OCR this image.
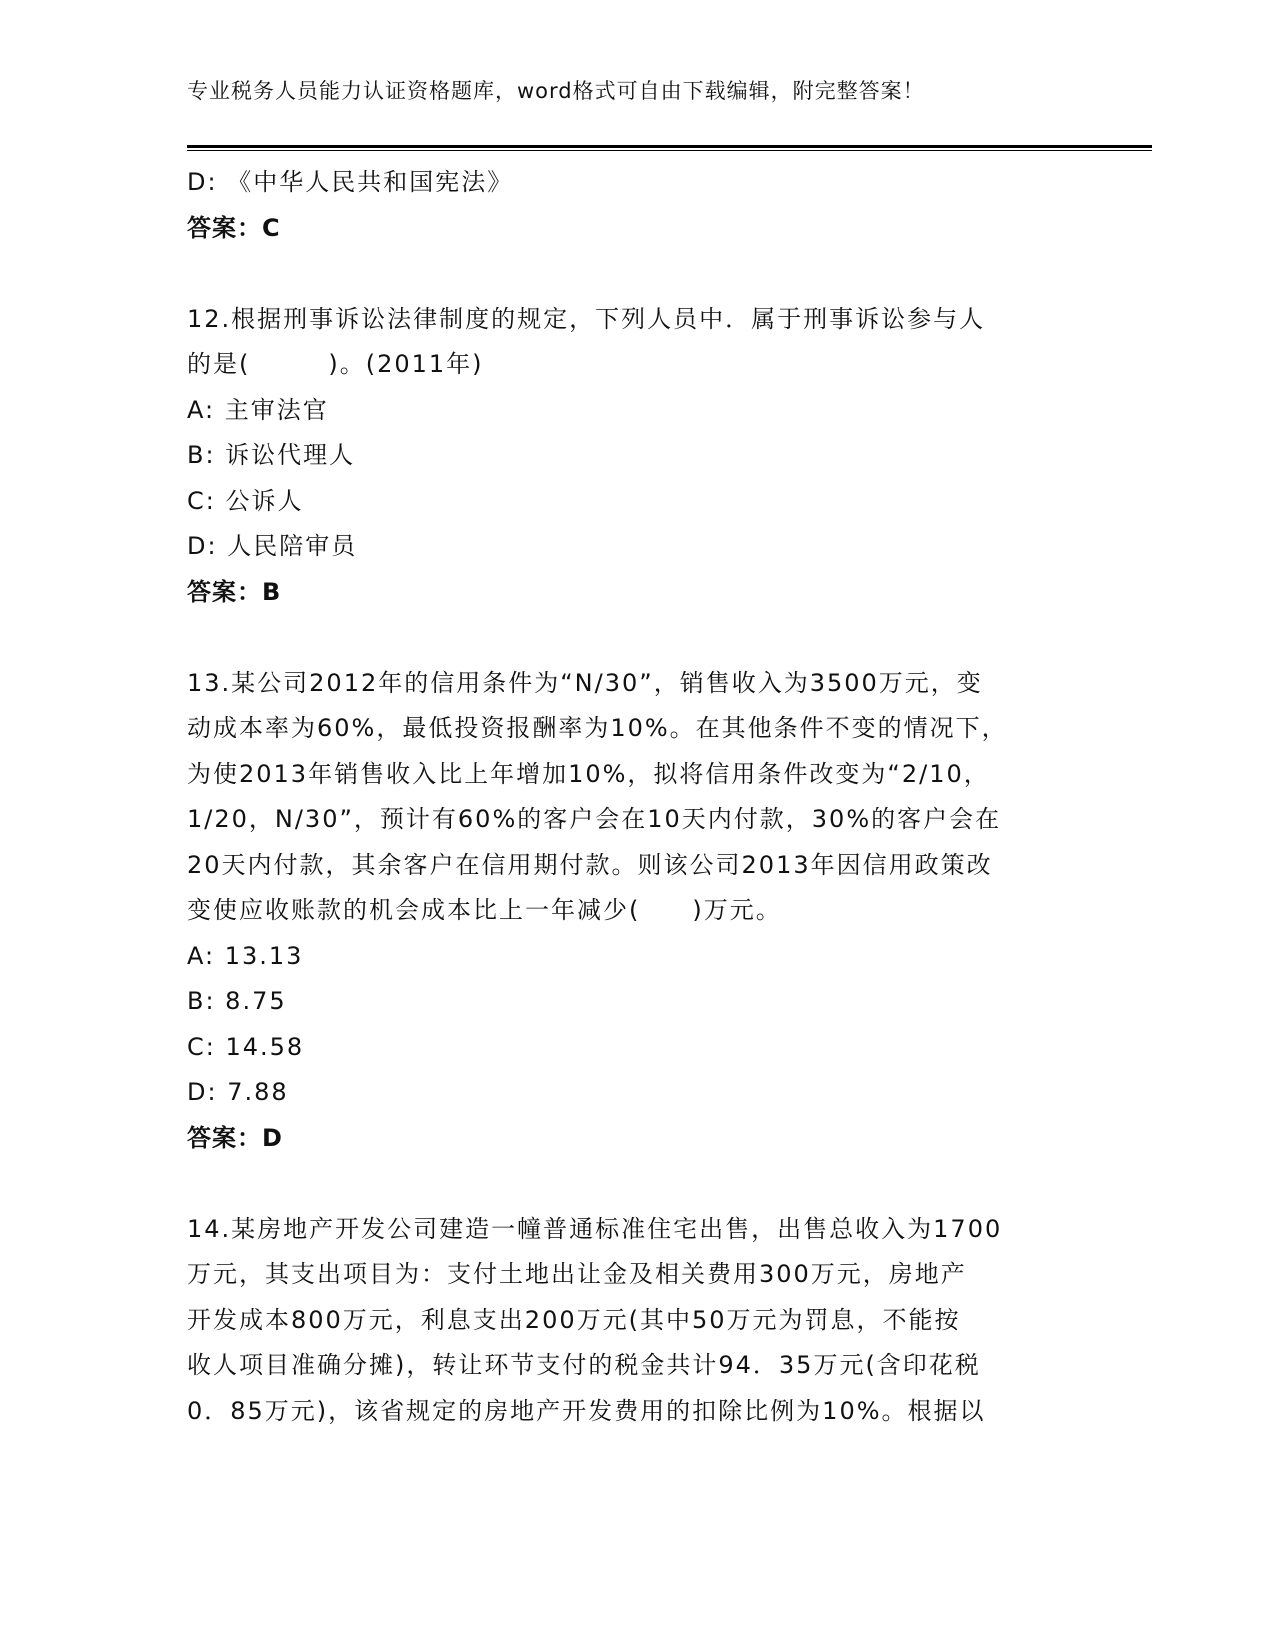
专业税务人员能力认证资格题库，word格式可自由下载编辑，附完整答案！
D: 《中华人民共和国宪法》
答案：C
12.根据刑事诉讼法律制度的规定，下列人员中．属于刑事诉讼参与人
的是(　　　)。(2011年)
A: 主审法官
B: 诉讼代理人
C: 公诉人
D: 人民陪审员
答案：B
13.某公司2012年的信用条件为“N/30”，销售收入为3500万元，变
动成本率为60%，最低投资报酬率为10%。在其他条件不变的情况下，
为使2013年销售收入比上年增加10%，拟将信用条件改变为“2/10，
1/20，N/30”，预计有60%的客户会在10天内付款，30%的客户会在
20天内付款，其余客户在信用期付款。则该公司2013年因信用政策改
变使应收账款的机会成本比上一年减少(　　)万元。
A: 13.13
B: 8.75
C: 14.58
D: 7.88
答案：D
14.某房地产开发公司建造一幢普通标准住宅出售，出售总收入为1700
万元，其支出项目为：支付土地出让金及相关费用300万元，房地产
开发成本800万元，利息支出200万元(其中50万元为罚息，不能按
收人项目准确分摊)，转让环节支付的税金共计94．35万元(含印花税
0．85万元)，该省规定的房地产开发费用的扣除比例为10%。根据以
